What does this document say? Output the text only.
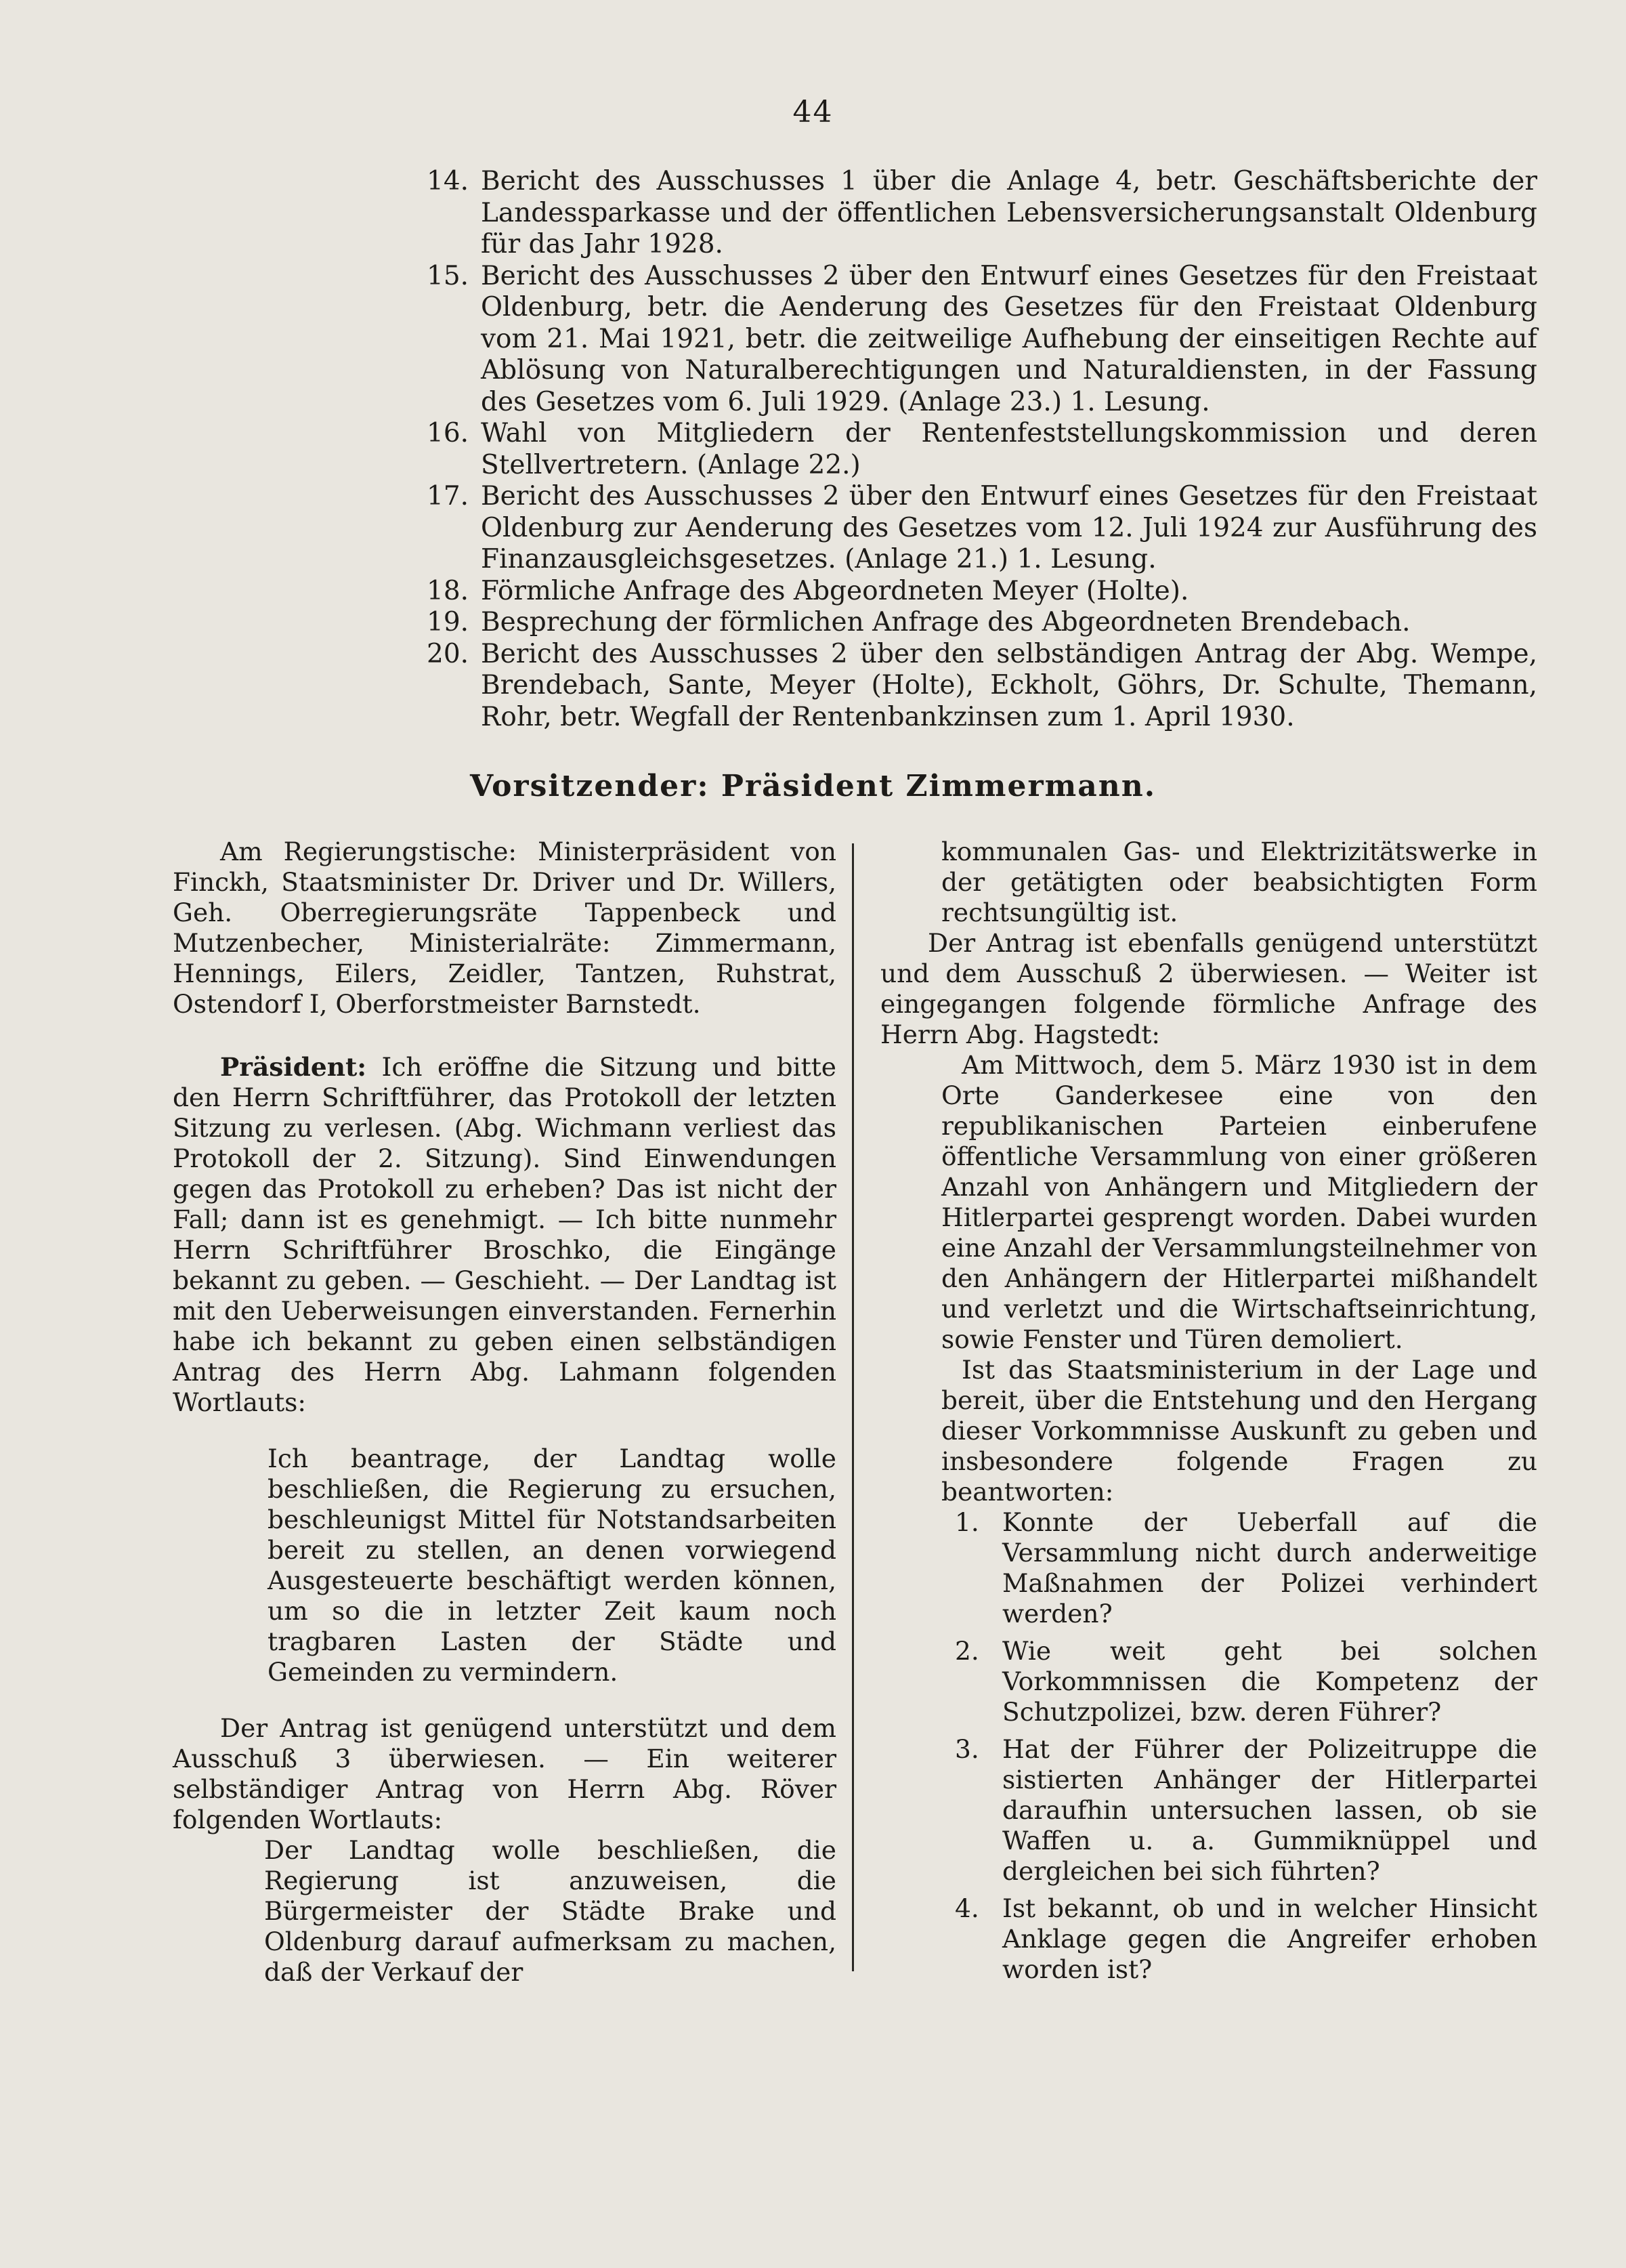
44
14. Bericht des Ausschusses 1 über die Anlage 4, betr. Geschäftsberichte der Landessparkasse und der öffentlichen Lebensversicherungsanstalt Oldenburg für das Jahr 1928.
15. Bericht des Ausschusses 2 über den Entwurf eines Gesetzes für den Freistaat Oldenburg, betr. die Aenderung des Gesetzes für den Freistaat Oldenburg vom 21. Mai 1921, betr. die zeitweilige Aufhebung der einseitigen Rechte auf Ablösung von Naturalberechtigungen und Naturaldiensten, in der Fassung des Gesetzes vom 6. Juli 1929. (Anlage 23.) 1. Lesung.
16. Wahl von Mitgliedern der Rentenfeststellungskommission und deren Stellvertretern. (Anlage 22.)
17. Bericht des Ausschusses 2 über den Entwurf eines Gesetzes für den Freistaat Oldenburg zur Aenderung des Gesetzes vom 12. Juli 1924 zur Ausführung des Finanzausgleichsgesetzes. (Anlage 21.) 1. Lesung.
18. Förmliche Anfrage des Abgeordneten Meyer (Holte).
19. Besprechung der förmlichen Anfrage des Abgeordneten Brendebach.
20. Bericht des Ausschusses 2 über den selbständigen Antrag der Abg. Wempe, Brendebach, Sante, Meyer (Holte), Eckholt, Göhrs, Dr. Schulte, Themann, Rohr, betr. Wegfall der Rentenbankzinsen zum 1. April 1930.
Vorsitzender: Präsident Zimmermann.

Am Regierungstische: Ministerpräsident von Finckh, Staatsminister Dr. Driver und Dr. Willers, Geh. Oberregierungsräte Tappenbeck und Mutzenbecher, Ministerialräte: Zimmermann, Hennings, Eilers, Zeidler, Tantzen, Ruhstrat, Ostendorf I, Oberforstmeister Barnstedt.

Präsident: Ich eröffne die Sitzung und bitte den Herrn Schriftführer, das Protokoll der letzten Sitzung zu verlesen. (Abg. Wichmann verliest das Protokoll der 2. Sitzung). Sind Einwendungen gegen das Protokoll zu erheben? Das ist nicht der Fall; dann ist es genehmigt. — Ich bitte nunmehr Herrn Schriftführer Broschko, die Eingänge bekannt zu geben. — Geschieht. — Der Landtag ist mit den Ueberweisungen einverstanden. Fernerhin habe ich bekannt zu geben einen selbständigen Antrag des Herrn Abg. Lahmann folgenden Wortlauts:

Ich beantrage, der Landtag wolle beschließen, die Regierung zu ersuchen, beschleunigst Mittel für Notstandsarbeiten bereit zu stellen, an denen vorwiegend Ausgesteuerte beschäftigt werden können, um so die in letzter Zeit kaum noch tragbaren Lasten der Städte und Gemeinden zu vermindern.

Der Antrag ist genügend unterstützt und dem Ausschuß 3 überwiesen. — Ein weiterer selbständiger Antrag von Herrn Abg. Röver folgenden Wortlauts:

Der Landtag wolle beschließen, die Regierung ist anzuweisen, die Bürgermeister der Städte Brake und Oldenburg darauf aufmerksam zu machen, daß der Verkauf der

kommunalen Gas- und Elektrizitätswerke in der getätigten oder beabsichtigten Form rechtsungültig ist.

Der Antrag ist ebenfalls genügend unterstützt und dem Ausschuß 2 überwiesen. — Weiter ist eingegangen folgende förmliche Anfrage des Herrn Abg. Hagstedt:

Am Mittwoch, dem 5. März 1930 ist in dem Orte Ganderkesee eine von den republikanischen Parteien einberufene öffentliche Versammlung von einer größeren Anzahl von Anhängern und Mitgliedern der Hitlerpartei gesprengt worden. Dabei wurden eine Anzahl der Versammlungsteilnehmer von den Anhängern der Hitlerpartei mißhandelt und verletzt und die Wirtschaftseinrichtung, sowie Fenster und Türen demoliert.

Ist das Staatsministerium in der Lage und bereit, über die Entstehung und den Hergang dieser Vorkommnisse Auskunft zu geben und insbesondere folgende Fragen zu beantworten:

1. Konnte der Ueberfall auf die Versammlung nicht durch anderweitige Maßnahmen der Polizei verhindert werden?
2. Wie weit geht bei solchen Vorkommnissen die Kompetenz der Schutzpolizei, bzw. deren Führer?
3. Hat der Führer der Polizeitruppe die sistierten Anhänger der Hitlerpartei daraufhin untersuchen lassen, ob sie Waffen u. a. Gummiknüppel und dergleichen bei sich führten?
4. Ist bekannt, ob und in welcher Hinsicht Anklage gegen die Angreifer erhoben worden ist?
